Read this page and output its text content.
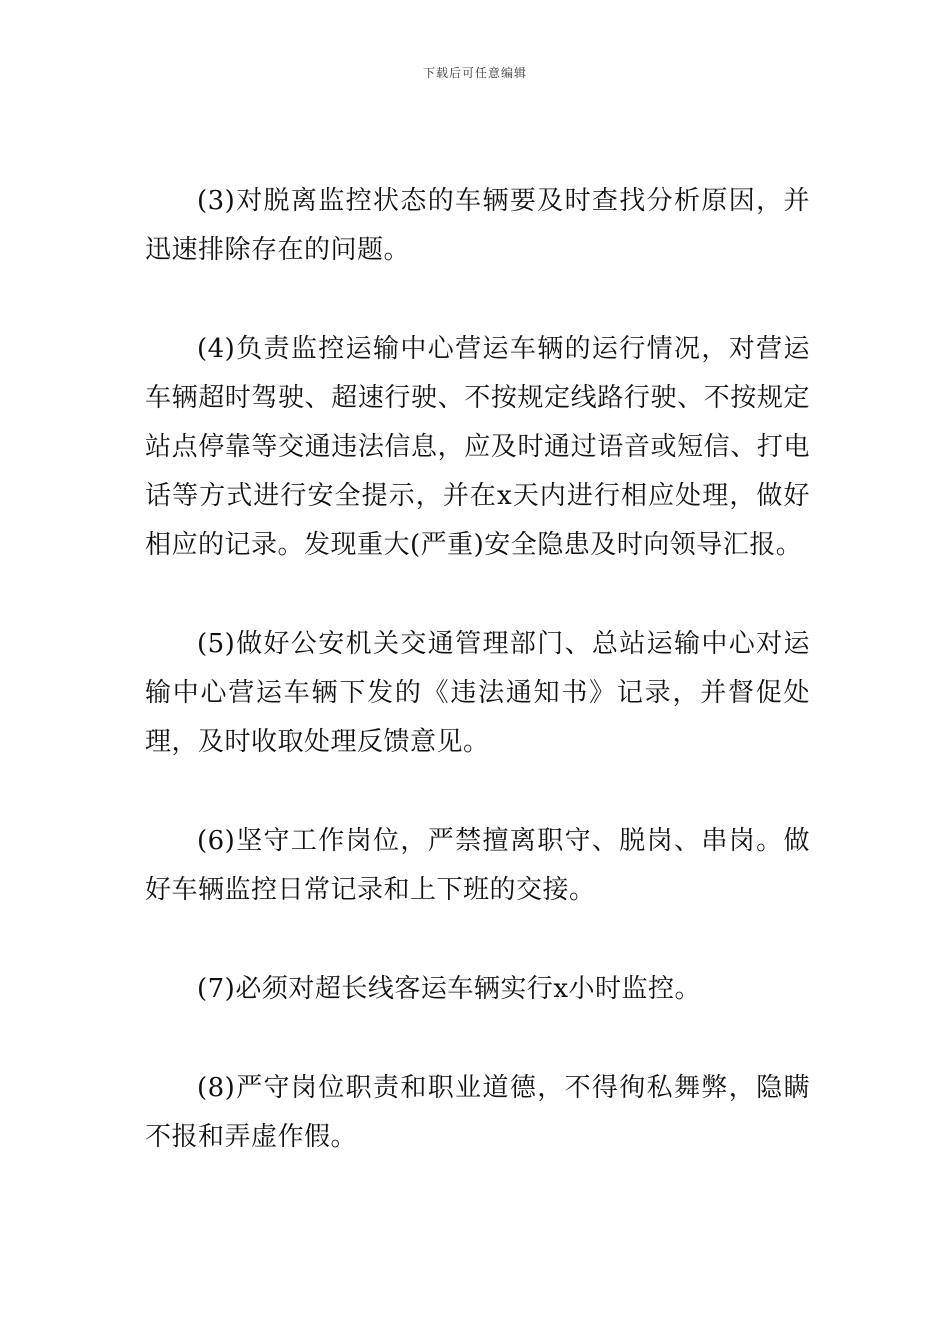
下载后可任意编辑

(3)对脱离监控状态的车辆要及时查找分析原因，并迅速排除存在的问题。

(4)负责监控运输中心营运车辆的运行情况，对营运车辆超时驾驶、超速行驶、不按规定线路行驶、不按规定站点停靠等交通违法信息，应及时通过语音或短信、打电话等方式进行安全提示，并在x天内进行相应处理，做好相应的记录。发现重大(严重)安全隐患及时向领导汇报。

(5)做好公安机关交通管理部门、总站运输中心对运输中心营运车辆下发的《违法通知书》记录，并督促处理，及时收取处理反馈意见。

(6)坚守工作岗位，严禁擅离职守、脱岗、串岗。做好车辆监控日常记录和上下班的交接。

(7)必须对超长线客运车辆实行x小时监控。

(8)严守岗位职责和职业道德，不得徇私舞弊，隐瞒不报和弄虚作假。
